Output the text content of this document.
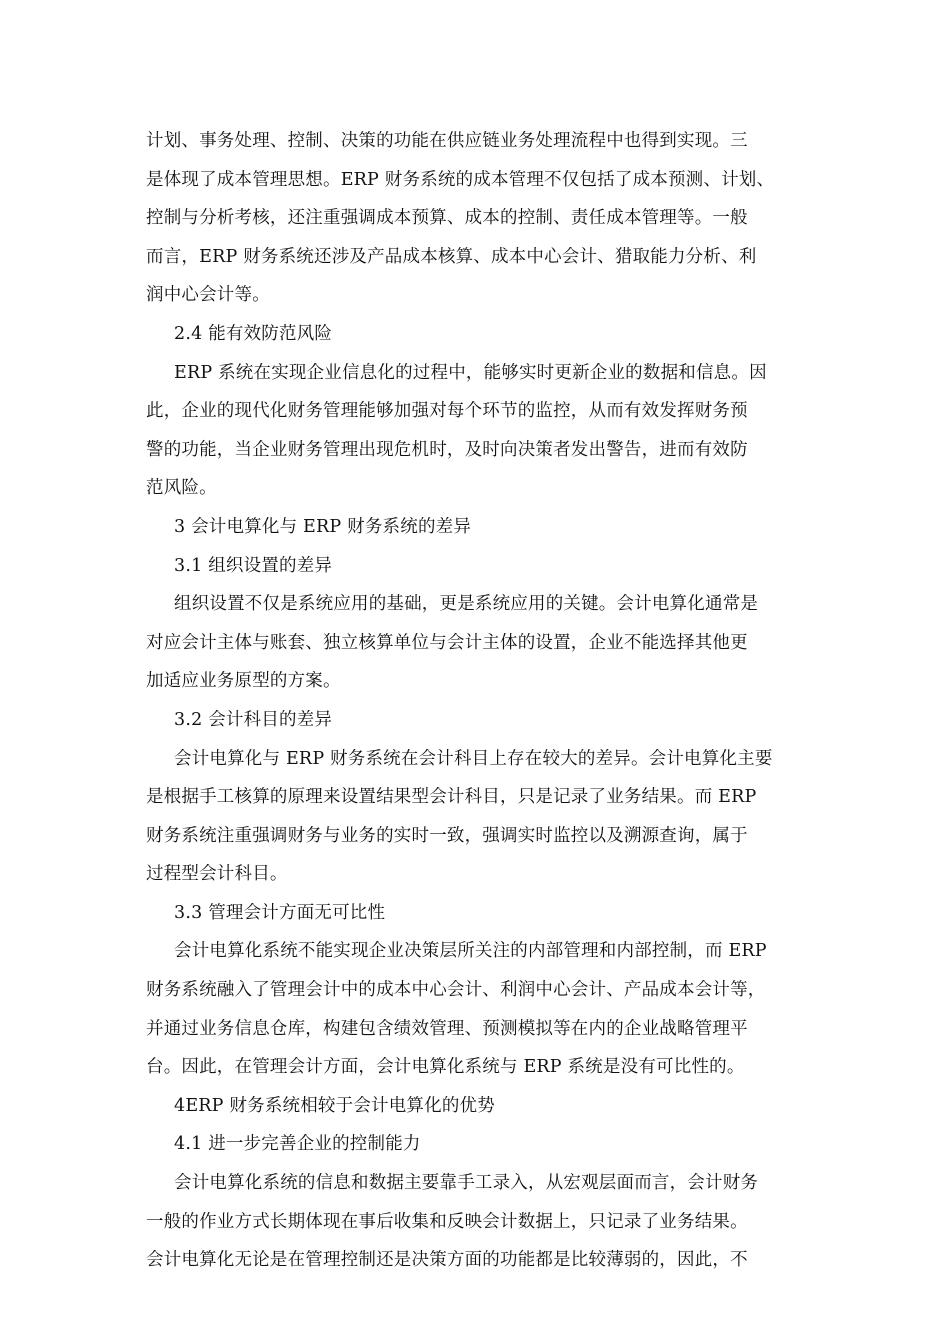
计划、事务处理、控制、决策的功能在供应链业务处理流程中也得到实现。三
是体现了成本管理思想。ERP 财务系统的成本管理不仅包括了成本预测、计划、
控制与分析考核，还注重强调成本预算、成本的控制、责任成本管理等。一般
而言，ERP 财务系统还涉及产品成本核算、成本中心会计、猎取能力分析、利
润中心会计等。
2.4 能有效防范风险
ERP 系统在实现企业信息化的过程中，能够实时更新企业的数据和信息。因
此，企业的现代化财务管理能够加强对每个环节的监控，从而有效发挥财务预
警的功能，当企业财务管理出现危机时，及时向决策者发出警告，进而有效防
范风险。
3 会计电算化与 ERP 财务系统的差异
3.1 组织设置的差异
组织设置不仅是系统应用的基础，更是系统应用的关键。会计电算化通常是
对应会计主体与账套、独立核算单位与会计主体的设置，企业不能选择其他更
加适应业务原型的方案。
3.2 会计科目的差异
会计电算化与 ERP 财务系统在会计科目上存在较大的差异。会计电算化主要
是根据手工核算的原理来设置结果型会计科目，只是记录了业务结果。而 ERP
财务系统注重强调财务与业务的实时一致，强调实时监控以及溯源查询，属于
过程型会计科目。
3.3 管理会计方面无可比性
会计电算化系统不能实现企业决策层所关注的内部管理和内部控制，而 ERP
财务系统融入了管理会计中的成本中心会计、利润中心会计、产品成本会计等，
并通过业务信息仓库，构建包含绩效管理、预测模拟等在内的企业战略管理平
台。因此，在管理会计方面，会计电算化系统与 ERP 系统是没有可比性的。
4ERP 财务系统相较于会计电算化的优势
4.1 进一步完善企业的控制能力
会计电算化系统的信息和数据主要靠手工录入，从宏观层面而言，会计财务
一般的作业方式长期体现在事后收集和反映会计数据上，只记录了业务结果。
会计电算化无论是在管理控制还是决策方面的功能都是比较薄弱的，因此，不
